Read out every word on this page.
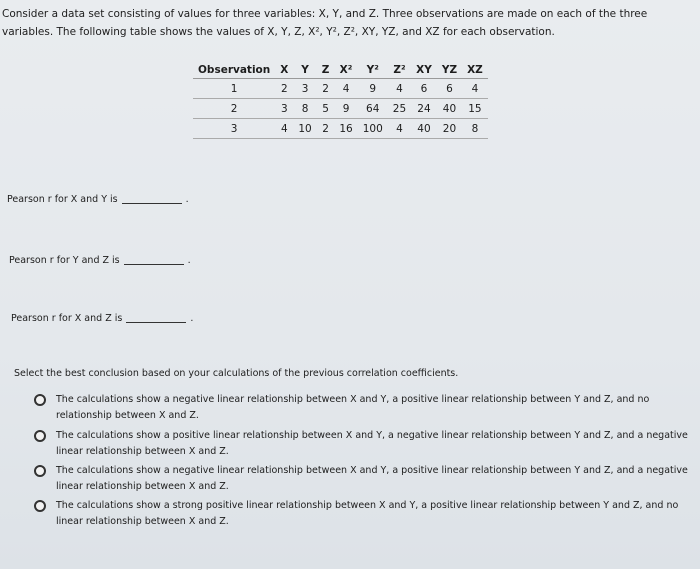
Consider a data set consisting of values for three variables: X, Y, and Z. Three observations are made on each of the three variables. The following table shows the values of X, Y, Z, X², Y², Z², XY, YZ, and XZ for each observation.
Observation	X	Y	Z	X²	Y²	Z²	XY	YZ	XZ
1	2	3	2	4	9	4	6	6	4
2	3	8	5	9	64	25	24	40	15
3	4	10	2	16	100	4	40	20	8
Pearson r for X and Y is	.
Pearson r for Y and Z is	.
Pearson r for X and Z is	.
Select the best conclusion based on your calculations of the previous correlation coefficients.
The calculations show a negative linear relationship between X and Y, a positive linear relationship between Y and Z, and no relationship between X and Z.
The calculations show a positive linear relationship between X and Y, a negative linear relationship between Y and Z, and a negative linear relationship between X and Z.
The calculations show a negative linear relationship between X and Y, a positive linear relationship between Y and Z, and a negative linear relationship between X and Z.
The calculations show a strong positive linear relationship between X and Y, a positive linear relationship between Y and Z, and no linear relationship between X and Z.
